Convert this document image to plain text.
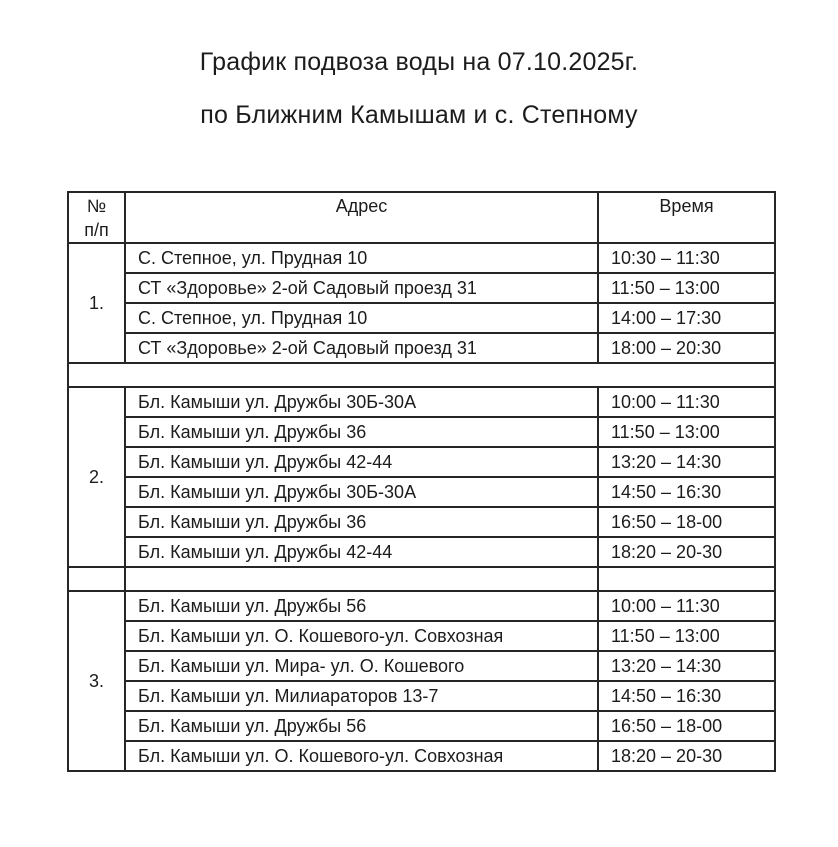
График подвоза воды на 07.10.2025г.
по Ближним Камышам и с. Степному
№
п/п	Адрес	Время
1.	С. Степное, ул. Прудная 10	10:30 – 11:30
	СТ «Здоровье» 2-ой Садовый проезд 31	11:50 – 13:00
	С. Степное, ул. Прудная 10	14:00 – 17:30
	СТ «Здоровье» 2-ой Садовый проезд 31	18:00 – 20:30

2.	Бл. Камыши ул. Дружбы 30Б-30А	10:00 – 11:30
	Бл. Камыши ул. Дружбы 36	11:50 – 13:00
	Бл. Камыши ул. Дружбы 42-44	13:20 – 14:30
	Бл. Камыши ул. Дружбы 30Б-30А	14:50 – 16:30
	Бл. Камыши ул. Дружбы 36	16:50 – 18-00
	Бл. Камыши ул. Дружбы 42-44	18:20 – 20-30

3.	Бл. Камыши ул. Дружбы 56	10:00 – 11:30
	Бл. Камыши ул. О. Кошевого-ул. Совхозная	11:50 – 13:00
	Бл. Камыши ул. Мира- ул. О. Кошевого	13:20 – 14:30
	Бл. Камыши ул. Милиараторов 13-7	14:50 – 16:30
	Бл. Камыши ул. Дружбы 56	16:50 – 18-00
	Бл. Камыши ул. О. Кошевого-ул. Совхозная	18:20 – 20-30
